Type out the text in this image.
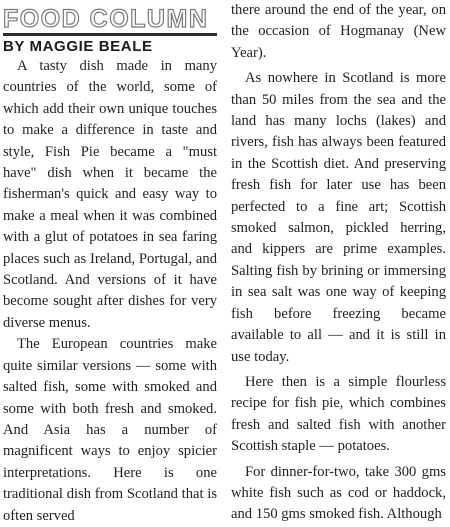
FOOD COLUMN
BY MAGGIE BEALE

A tasty dish made in many countries of the world, some of which add their own unique touches to make a difference in taste and style, Fish Pie became a "must have" dish when it became the fisherman's quick and easy way to make a meal when it was combined with a glut of potatoes in sea faring places such as Ireland, Portugal, and Scotland. And versions of it have become sought after dishes for very diverse menus.

The European countries make quite similar versions — some with salted fish, some with smoked and some with both fresh and smoked. And Asia has a number of magnificent ways to enjoy spicier interpretations. Here is one traditional dish from Scotland that is often served

there around the end of the year, on the occasion of Hogmanay (New Year).

As nowhere in Scotland is more than 50 miles from the sea and the land has many lochs (lakes) and rivers, fish has always been featured in the Scottish diet. And preserving fresh fish for later use has been perfected to a fine art; Scottish smoked salmon, pickled herring, and kippers are prime examples. Salting fish by brining or immersing in sea salt was one way of keeping fish before freezing became available to all — and it is still in use today.

Here then is a simple flourless recipe for fish pie, which combines fresh and salted fish with another Scottish staple — potatoes.

For dinner-for-two, take 300 gms white fish such as cod or haddock, and 150 gms smoked fish. Although
